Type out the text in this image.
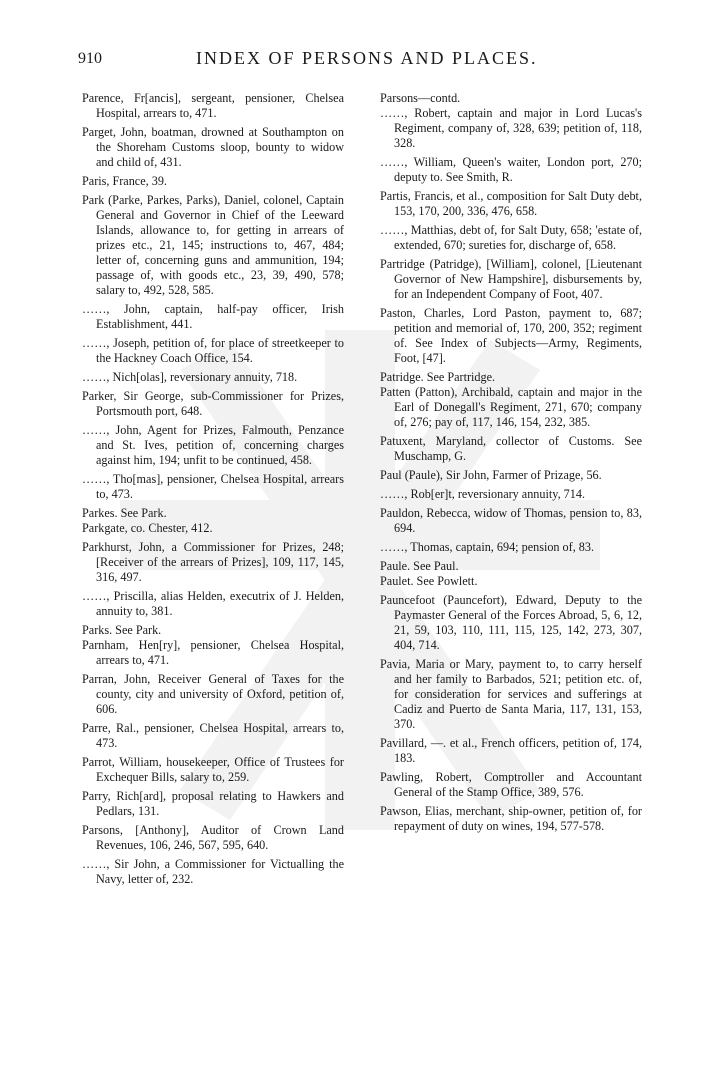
910	INDEX OF PERSONS AND PLACES.

Parence, Fr[ancis], sergeant, pensioner, Chelsea Hospital, arrears to, 471.

Parget, John, boatman, drowned at Southampton on the Shoreham Customs sloop, bounty to widow and child of, 431.

Paris, France, 39.

Park (Parke, Parkes, Parks), Daniel, colonel, Captain General and Governor in Chief of the Leeward Islands, allowance to, for getting in arrears of prizes etc., 21, 145; instructions to, 467, 484; letter of, concerning guns and ammunition, 194; passage of, with goods etc., 23, 39, 490, 578; salary to, 492, 528, 585.

……, John, captain, half-pay officer, Irish Establishment, 441.

……, Joseph, petition of, for place of streetkeeper to the Hackney Coach Office, 154.

……, Nich[olas], reversionary annuity, 718.

Parker, Sir George, sub-Commissioner for Prizes, Portsmouth port, 648.

……, John, Agent for Prizes, Falmouth, Penzance and St. Ives, petition of, concerning charges against him, 194; unfit to be continued, 458.

……, Tho[mas], pensioner, Chelsea Hospital, arrears to, 473.

Parkes. See Park.

Parkgate, co. Chester, 412.

Parkhurst, John, a Commissioner for Prizes, 248; [Receiver of the arrears of Prizes], 109, 117, 145, 316, 497.

……, Priscilla, alias Helden, executrix of J. Helden, annuity to, 381.

Parks. See Park.

Parnham, Hen[ry], pensioner, Chelsea Hospital, arrears to, 471.

Parran, John, Receiver General of Taxes for the county, city and university of Oxford, petition of, 606.

Parre, Ral., pensioner, Chelsea Hospital, arrears to, 473.

Parrot, William, housekeeper, Office of Trustees for Exchequer Bills, salary to, 259.

Parry, Rich[ard], proposal relating to Hawkers and Pedlars, 131.

Parsons, [Anthony], Auditor of Crown Land Revenues, 106, 246, 567, 595, 640.

……, Sir John, a Commissioner for Victualling the Navy, letter of, 232.

Parsons—contd.

……, Robert, captain and major in Lord Lucas's Regiment, company of, 328, 639; petition of, 118, 328.

……, William, Queen's waiter, London port, 270; deputy to. See Smith, R.

Partis, Francis, et al., composition for Salt Duty debt, 153, 170, 200, 336, 476, 658.

……, Matthias, debt of, for Salt Duty, 658; 'estate of, extended, 670; sureties for, discharge of, 658.

Partridge (Patridge), [William], colonel, [Lieutenant Governor of New Hampshire], disbursements by, for an Independent Company of Foot, 407.

Paston, Charles, Lord Paston, payment to, 687; petition and memorial of, 170, 200, 352; regiment of. See Index of Subjects—Army, Regiments, Foot, [47].

Patridge. See Partridge.

Patten (Patton), Archibald, captain and major in the Earl of Donegall's Regiment, 271, 670; company of, 276; pay of, 117, 146, 154, 232, 385.

Patuxent, Maryland, collector of Customs. See Muschamp, G.

Paul (Paule), Sir John, Farmer of Prizage, 56.

……, Rob[er]t, reversionary annuity, 714.

Pauldon, Rebecca, widow of Thomas, pension to, 83, 694.

……, Thomas, captain, 694; pension of, 83.

Paule. See Paul.

Paulet. See Powlett.

Pauncefoot (Pauncefort), Edward, Deputy to the Paymaster General of the Forces Abroad, 5, 6, 12, 21, 59, 103, 110, 111, 115, 125, 142, 273, 307, 404, 714.

Pavia, Maria or Mary, payment to, to carry herself and her family to Barbados, 521; petition etc. of, for consideration for services and sufferings at Cadiz and Puerto de Santa Maria, 117, 131, 153, 370.

Pavillard, —. et al., French officers, petition of, 174, 183.

Pawling, Robert, Comptroller and Accountant General of the Stamp Office, 389, 576.

Pawson, Elias, merchant, ship-owner, petition of, for repayment of duty on wines, 194, 577-578.
